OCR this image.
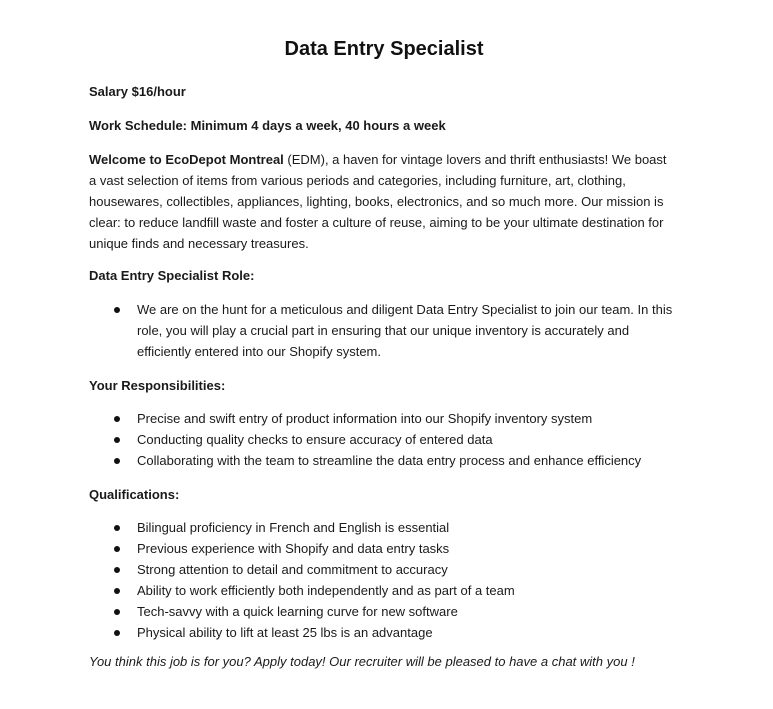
Data Entry Specialist
Salary $16/hour
Work Schedule: Minimum 4 days a week, 40 hours a week
Welcome to EcoDepot Montreal (EDM), a haven for vintage lovers and thrift enthusiasts! We boast a vast selection of items from various periods and categories, including furniture, art, clothing, housewares, collectibles, appliances, lighting, books, electronics, and so much more. Our mission is clear: to reduce landfill waste and foster a culture of reuse, aiming to be your ultimate destination for unique finds and necessary treasures.
Data Entry Specialist Role:
We are on the hunt for a meticulous and diligent Data Entry Specialist to join our team. In this role, you will play a crucial part in ensuring that our unique inventory is accurately and efficiently entered into our Shopify system.
Your Responsibilities:
Precise and swift entry of product information into our Shopify inventory system
Conducting quality checks to ensure accuracy of entered data
Collaborating with the team to streamline the data entry process and enhance efficiency
Qualifications:
Bilingual proficiency in French and English is essential
Previous experience with Shopify and data entry tasks
Strong attention to detail and commitment to accuracy
Ability to work efficiently both independently and as part of a team
Tech-savvy with a quick learning curve for new software
Physical ability to lift at least 25 lbs is an advantage
You think this job is for you? Apply today! Our recruiter will be pleased to have a chat with you !
